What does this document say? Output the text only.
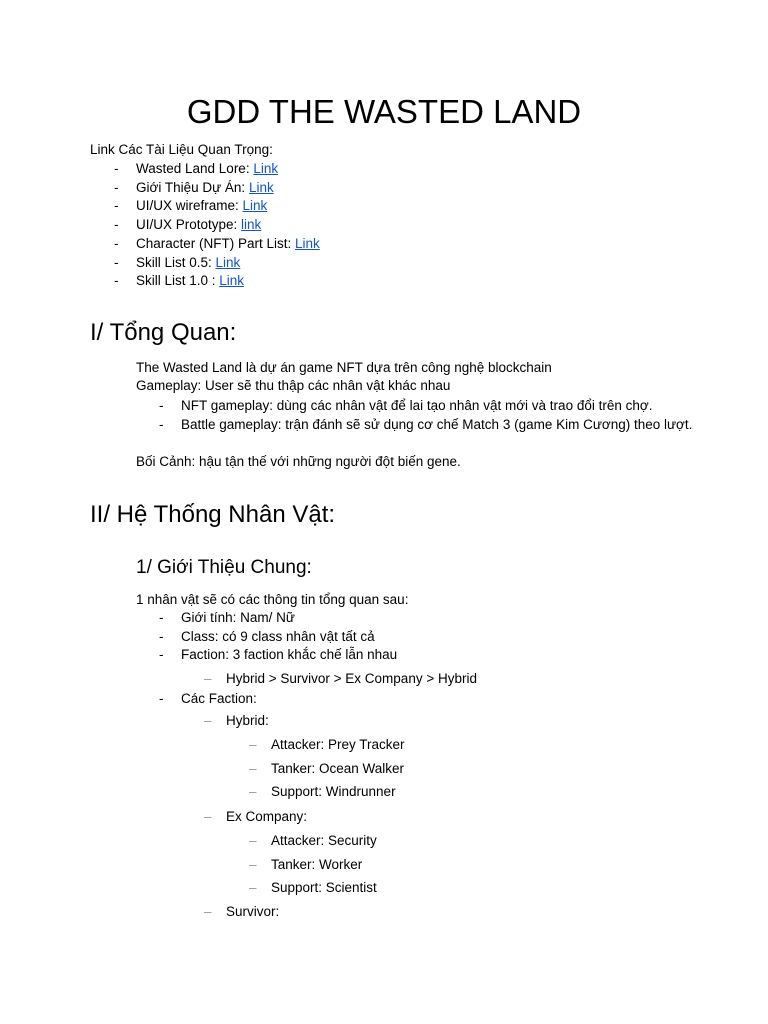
GDD THE WASTED LAND
Link Các Tài Liệu Quan Trọng:
- Wasted Land Lore: Link
- Giới Thiệu Dự Án: Link
- UI/UX wireframe: Link
- UI/UX Prototype: link
- Character (NFT) Part List: Link
- Skill List 0.5: Link
- Skill List 1.0 : Link
I/ Tổng Quan:
The Wasted Land là dự án game NFT dựa trên công nghệ blockchain
Gameplay: User sẽ thu thập các nhân vật khác nhau
- NFT gameplay: dùng các nhân vật để lai tạo nhân vật mới và trao đổi trên chợ.
- Battle gameplay: trận đánh sẽ sử dụng cơ chế Match 3 (game Kim Cương) theo lượt.
Bối Cảnh: hậu tận thế với những người đột biến gene.
II/ Hệ Thống Nhân Vật:
1/ Giới Thiệu Chung:
1 nhân vật sẽ có các thông tin tổng quan sau:
- Giới tính: Nam/ Nữ
- Class: có 9 class nhân vật tất cả
- Faction: 3 faction khắc chế lẫn nhau
– Hybrid > Survivor > Ex Company > Hybrid
- Các Faction:
– Hybrid:
– Attacker: Prey Tracker
– Tanker: Ocean Walker
– Support: Windrunner
– Ex Company:
– Attacker: Security
– Tanker: Worker
– Support: Scientist
– Survivor:
